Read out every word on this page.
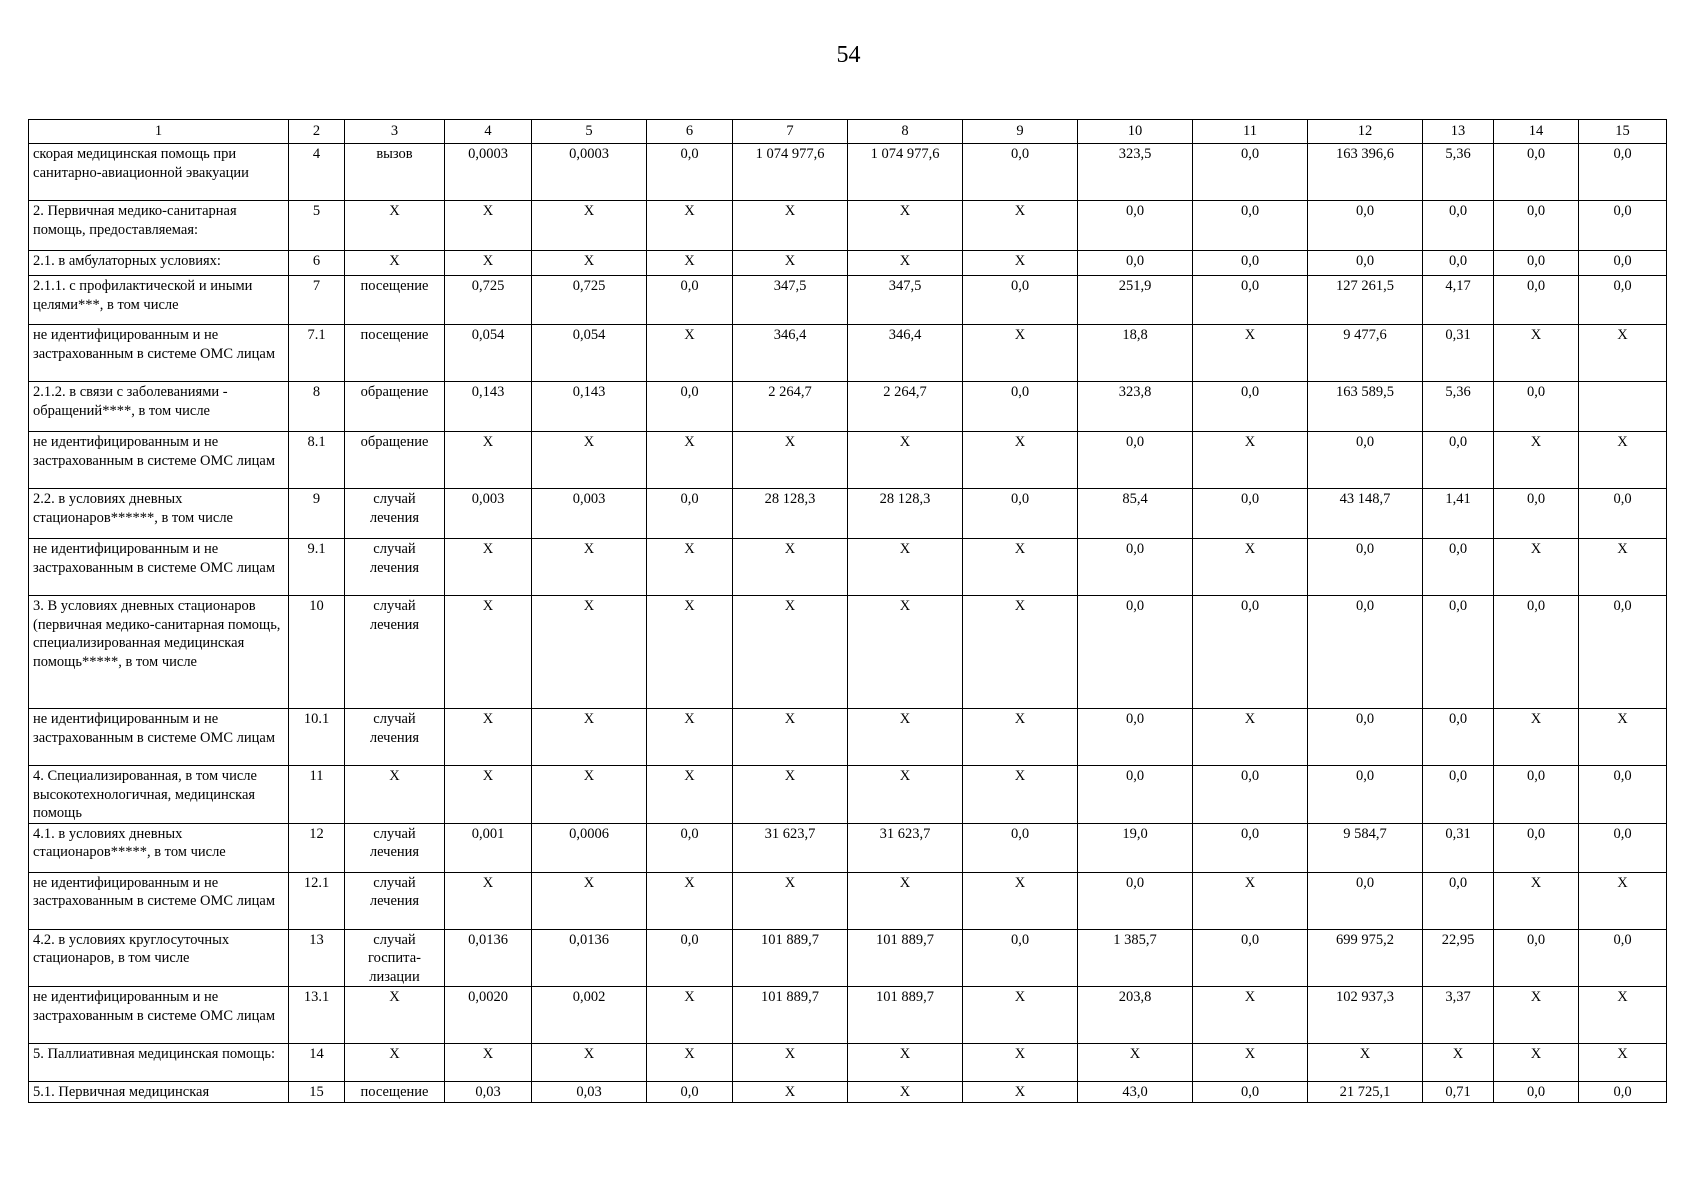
54
1	2	3	4	5	6	7	8	9	10	11	12	13	14	15
скорая медицинская помощь при санитарно-авиационной эвакуации	4	вызов	0,0003	0,0003	0,0	1 074 977,6	1 074 977,6	0,0	323,5	0,0	163 396,6	5,36	0,0	0,0
2. Первичная медико-санитарная помощь, предоставляемая:	5	Х	Х	Х	Х	Х	Х	Х	0,0	0,0	0,0	0,0	0,0	0,0
2.1. в амбулаторных условиях:	6	Х	Х	Х	Х	Х	Х	Х	0,0	0,0	0,0	0,0	0,0	0,0
2.1.1. с профилактической и иными целями***, в том числе	7	посещение	0,725	0,725	0,0	347,5	347,5	0,0	251,9	0,0	127 261,5	4,17	0,0	0,0
не идентифицированным и не застрахованным в системе ОМС лицам	7.1	посещение	0,054	0,054	Х	346,4	346,4	Х	18,8	Х	9 477,6	0,31	Х	Х
2.1.2. в связи с заболеваниями - обращений****, в том числе	8	обращение	0,143	0,143	0,0	2 264,7	2 264,7	0,0	323,8	0,0	163 589,5	5,36	0,0	
не идентифицированным и не застрахованным в системе ОМС лицам	8.1	обращение	Х	Х	Х	Х	Х	Х	0,0	Х	0,0	0,0	Х	Х
2.2. в условиях дневных стационаров******, в том числе	9	случай лечения	0,003	0,003	0,0	28 128,3	28 128,3	0,0	85,4	0,0	43 148,7	1,41	0,0	0,0
не идентифицированным и не застрахованным в системе ОМС лицам	9.1	случай лечения	Х	Х	Х	Х	Х	Х	0,0	Х	0,0	0,0	Х	Х
3. В условиях дневных стационаров (первичная медико-санитарная помощь, специализированная медицинская помощь*****, в том числе	10	случай лечения	Х	Х	Х	Х	Х	Х	0,0	0,0	0,0	0,0	0,0	0,0
не идентифицированным и не застрахованным в системе ОМС лицам	10.1	случай лечения	Х	Х	Х	Х	Х	Х	0,0	Х	0,0	0,0	Х	Х
4. Специализированная, в том числе высокотехнологичная, медицинская помощь	11	Х	Х	Х	Х	Х	Х	Х	0,0	0,0	0,0	0,0	0,0	0,0
4.1. в условиях дневных стационаров*****, в том числе	12	случай лечения	0,001	0,0006	0,0	31 623,7	31 623,7	0,0	19,0	0,0	9 584,7	0,31	0,0	0,0
не идентифицированным и не застрахованным в системе ОМС лицам	12.1	случай лечения	Х	Х	Х	Х	Х	Х	0,0	Х	0,0	0,0	Х	Х
4.2. в условиях круглосуточных стационаров, в том числе	13	случай госпита-лизации	0,0136	0,0136	0,0	101 889,7	101 889,7	0,0	1 385,7	0,0	699 975,2	22,95	0,0	0,0
не идентифицированным и не застрахованным в системе ОМС лицам	13.1	Х	0,0020	0,002	Х	101 889,7	101 889,7	Х	203,8	Х	102 937,3	3,37	Х	Х
5. Паллиативная медицинская помощь:	14	Х	Х	Х	Х	Х	Х	Х	Х	Х	Х	Х	Х	Х
5.1. Первичная медицинская	15	посещение	0,03	0,03	0,0	Х	Х	Х	43,0	0,0	21 725,1	0,71	0,0	0,0
